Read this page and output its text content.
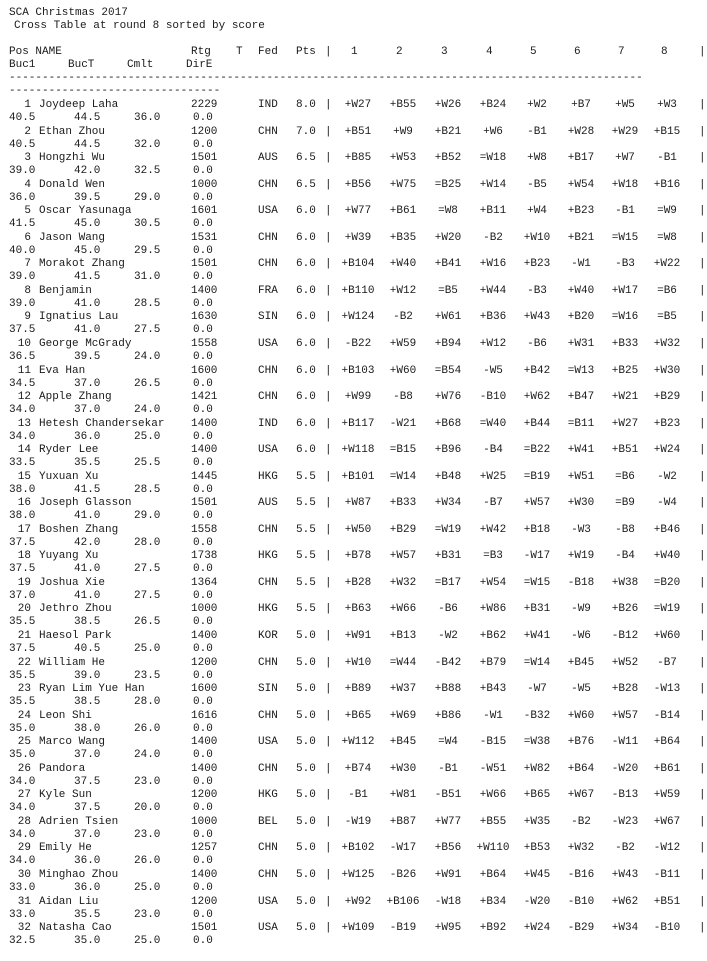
SCA Christmas 2017
Cross Table at round 8 sorted by score
Pos NAME	Rtg T Fed Pts | 1	2	3	4	5	6	7	8	|
Buc1	BucT	Cmlt	DirE
------------------------------------------------------------------------------------------------
--------------------------------
1 Joydeep Laha	2229	IND 8.0 |	+W27	+B55	+W26	+B24	+W2	+B7	+W5	+W3	|
40.5	44.5	36.0	0.0
2 Ethan Zhou	1200	CHN 7.0 |	+B51	+W9	+B21	+W6	-B1	+W28	+W29	+B15	|
40.5	44.5	32.0	0.0
3 Hongzhi Wu	1501	AUS 6.5 |	+B85	+W53	+B52	=W18	+W8	+B17	+W7	-B1	|
39.0	42.0	32.5	0.0
4 Donald Wen	1000	CHN 6.5 |	+B56	+W75	=B25	+W14	-B5	+W54	+W18	+B16	|
36.0	39.5	29.0	0.0
5 Oscar Yasunaga	1601	USA 6.0 |	+W77	+B61	=W8	+B11	+W4	+B23	-B1	=W9	|
41.5	45.0	30.5	0.0
6 Jason Wang	1531	CHN 6.0 |	+W39	+B35	+W20	-B2	+W10	+B21	=W15	=W8	|
40.0	45.0	29.5	0.0
7 Morakot Zhang	1501	CHN 6.0 | +B104	+W40	+B41	+W16	+B23	-W1	-B3	+W22	|
39.0	41.5	31.0	0.0
8 Benjamin	1400	FRA 6.0 | +B110	+W12	=B5	+W44	-B3	+W40	+W17	=B6	|
39.0	41.0	28.5	0.0
9 Ignatius Lau	1630	SIN 6.0 | +W124	-B2	+W61	+B36	+W43	+B20	=W16	=B5	|
37.5	41.0	27.5	0.0
10 George McGrady	1558	USA 6.0 |	-B22	+W59	+B94	+W12	-B6	+W31	+B33	+W32	|
36.5	39.5	24.0	0.0
11 Eva Han	1600	CHN 6.0 | +B103	+W60	=B54	-W5	+B42	=W13	+B25	+W30	|
34.5	37.0	26.5	0.0
12 Apple Zhang	1421	CHN 6.0 |	+W99	-B8	+W76	-B10	+W62	+B47	+W21	+B29	|
34.0	37.0	24.0	0.0
13 Hetesh Chandersekar 1400	IND 6.0 | +B117	-W21	+B68	=W40	+B44	=B11	+W27	+B23	|
34.0	36.0	25.0	0.0
14 Ryder Lee	1400	USA 6.0 | +W118	=B15	+B96	-B4	=B22	+W41	+B51	+W24	|
33.5	35.5	25.5	0.0
15 Yuxuan Xu	1445	HKG 5.5 | +B101	=W14	+B48	+W25	=B19	+W51	=B6	-W2	|
38.0	41.5	28.5	0.0
16 Joseph Glasson	1501	AUS 5.5 |	+W87	+B33	+W34	-B7	+W57	+W30	=B9	-W4	|
38.0	41.0	29.0	0.0
17 Boshen Zhang	1558	CHN 5.5 |	+W50	+B29	=W19	+W42	+B18	-W3	-B8	+B46	|
37.5	42.0	28.0	0.0
18 Yuyang Xu	1738	HKG 5.5 |	+B78	+W57	+B31	=B3	-W17	+W19	-B4	+W40	|
37.5	41.0	27.5	0.0
19 Joshua Xie	1364	CHN 5.5 |	+B28	+W32	=B17	+W54	=W15	-B18	+W38	=B20	|
37.0	41.0	27.5	0.0
20 Jethro Zhou	1000	HKG 5.5 |	+B63	+W66	-B6	+W86	+B31	-W9	+B26	=W19	|
35.5	38.5	26.5	0.0
21 Haesol Park	1400	KOR 5.0 |	+W91	+B13	-W2	+B62	+W41	-W6	-B12	+W60	|
37.5	40.5	25.0	0.0
22 William He	1200	CHN 5.0 |	+W10	=W44	-B42	+B79	=W14	+B45	+W52	-B7	|
35.5	39.0	23.5	0.0
23 Ryan Lim Yue Han	1600	SIN 5.0 |	+B89	+W37	+B88	+B43	-W7	-W5	+B28	-W13	|
35.5	38.5	28.0	0.0
24 Leon Shi	1616	CHN 5.0 |	+B65	+W69	+B86	-W1	-B32	+W60	+W57	-B14	|
35.0	38.0	26.0	0.0
25 Marco Wang	1400	USA 5.0 | +W112	+B45	=W4	-B15	=W38	+B76	-W11	+B64	|
35.0	37.0	24.0	0.0
26 Pandora	1400	CHN 5.0 |	+B74	+W30	-B1	-W51	+W82	+B64	-W20	+B61	|
34.0	37.5	23.0	0.0
27 Kyle Sun	1200	HKG 5.0 |	-B1	+W81	-B51	+W66	+B65	+W67	-B13	+W59	|
34.0	37.5	20.0	0.0
28 Adrien Tsien	1000	BEL 5.0 |	-W19	+B87	+W77	+B55	+W35	-B2	-W23	+W67	|
34.0	37.0	23.0	0.0
29 Emily He	1257	CHN 5.0 | +B102	-W17	+B56	+W110	+B53	+W32	-B2	-W12	|
34.0	36.0	26.0	0.0
30 Minghao Zhou	1400	CHN 5.0 | +W125	-B26	+W91	+B64	+W45	-B16	+W43	-B11	|
33.0	36.0	25.0	0.0
31 Aidan Liu	1200	USA 5.0 |	+W92	+B106	-W18	+B34	-W20	-B10	+W62	+B51	|
33.0	35.5	23.0	0.0
32 Natasha Cao	1501	USA 5.0 | +W109	-B19	+W95	+B92	+W24	-B29	+W34	-B10	|
32.5	35.0	25.0	0.0
